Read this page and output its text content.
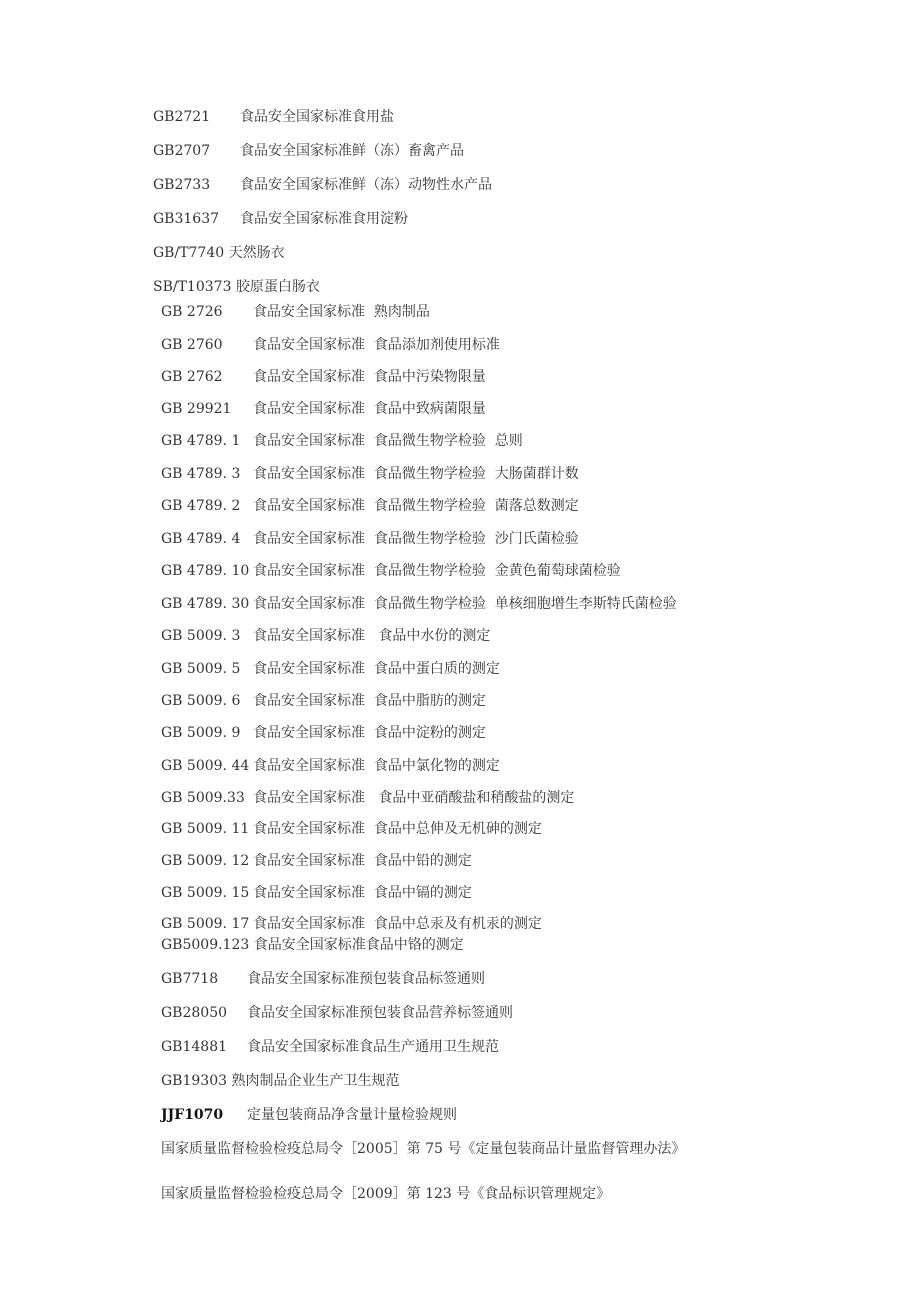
GB2721 食品安全国家标准食用盐
GB2707 食品安全国家标准鲜（冻）畜禽产品
GB2733 食品安全国家标准鲜（冻）动物性水产品
GB31637 食品安全国家标准食用淀粉
GB/T7740 天然肠衣
SB/T10373 胶原蛋白肠衣
GB 2726 食品安全国家标准  熟肉制品
GB 2760 食品安全国家标准  食品添加剂使用标准
GB 2762 食品安全国家标准  食品中污染物限量
GB 29921 食品安全国家标准  食品中致病菌限量
GB 4789. 1 食品安全国家标准  食品微生物学检验  总则
GB 4789. 3 食品安全国家标准  食品微生物学检验  大肠菌群计数
GB 4789. 2 食品安全国家标准  食品微生物学检验  菌落总数测定
GB 4789. 4 食品安全国家标准  食品微生物学检验  沙门氏菌检验
GB 4789. 10 食品安全国家标准  食品微生物学检验  金黄色葡萄球菌检验
GB 4789. 30 食品安全国家标准  食品微生物学检验  单核细胞增生李斯特氏菌检验
GB 5009. 3 食品安全国家标准   食品中水份的测定
GB 5009. 5 食品安全国家标准  食品中蛋白质的测定
GB 5009. 6 食品安全国家标准  食品中脂肪的测定
GB 5009. 9 食品安全国家标准  食品中淀粉的测定
GB 5009. 44 食品安全国家标准  食品中氯化物的测定
GB 5009.33 食品安全国家标准   食品中亚硝酸盐和稍酸盐的测定
GB 5009. 11 食品安全国家标准  食品中总伸及无机砷的测定
GB 5009. 12 食品安全国家标准  食品中铅的测定
GB 5009. 15 食品安全国家标准  食品中镉的测定
GB 5009. 17 食品安全国家标准  食品中总汞及有机汞的测定
GB5009.123 食品安全国家标准食品中铬的测定
GB7718 食品安全国家标准预包装食品标签通则
GB28050 食品安全国家标准预包装食品营养标签通则
GB14881 食品安全国家标准食品生产通用卫生规范
GB19303 熟肉制品企业生产卫生规范
JJF1070 定量包装商品净含量计量检验规则
国家质量监督检验检疫总局令［2005］第 75 号《定量包装商品计量监督管理办法》
国家质量监督检验检疫总局令［2009］第 123 号《食品标识管理规定》
